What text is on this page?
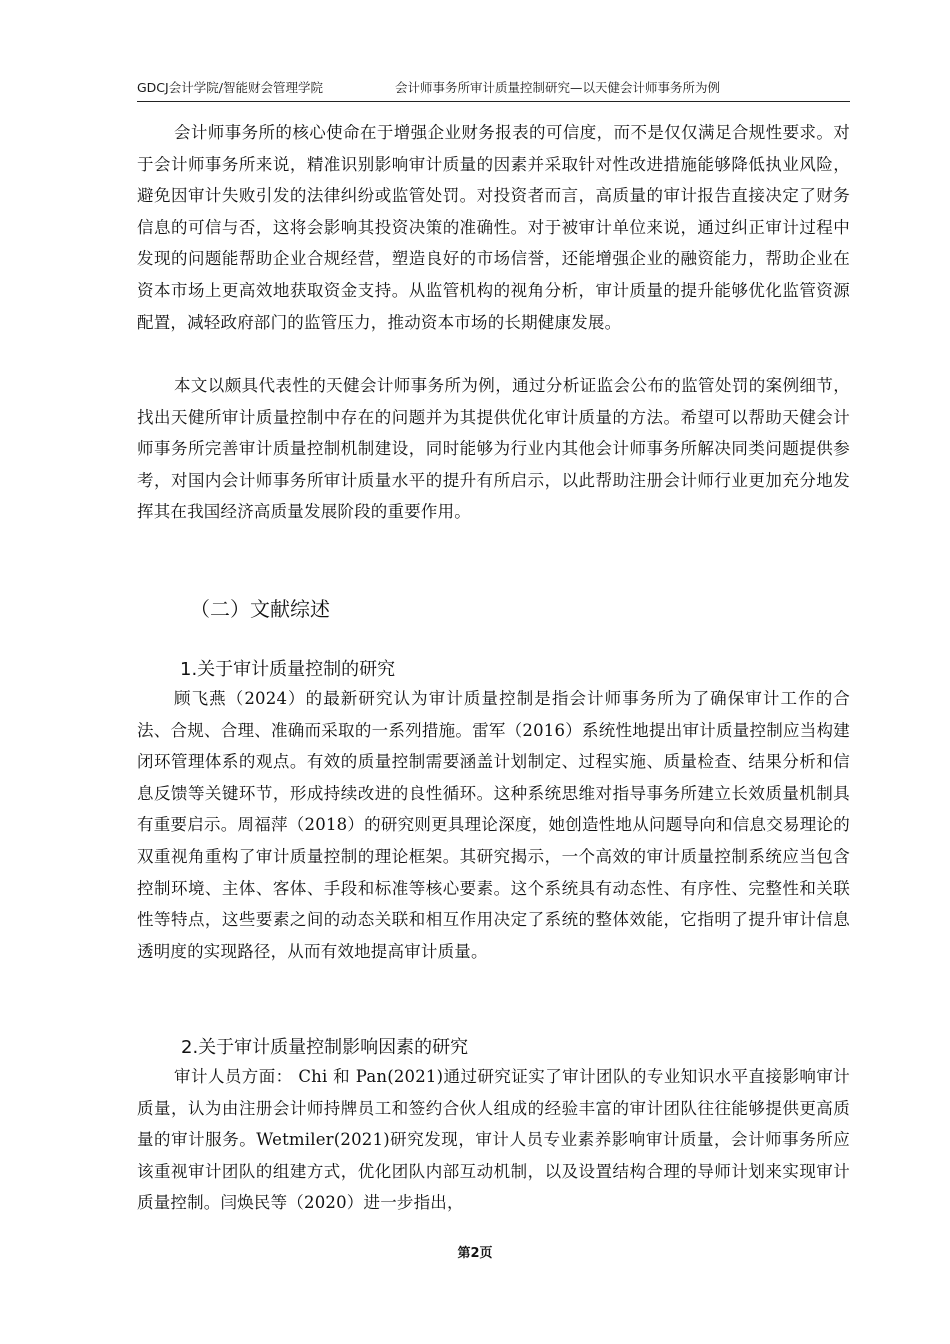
GDCJ会计学院/智能财会管理学院	会计师事务所审计质量控制研究—以天健会计师事务所为例

会计师事务所的核心使命在于增强企业财务报表的可信度，而不是仅仅满足合规性要求。对于会计师事务所来说，精准识别影响审计质量的因素并采取针对性改进措施能够降低执业风险，避免因审计失败引发的法律纠纷或监管处罚。对投资者而言，高质量的审计报告直接决定了财务信息的可信与否，这将会影响其投资决策的准确性。对于被审计单位来说，通过纠正审计过程中发现的问题能帮助企业合规经营，塑造良好的市场信誉，还能增强企业的融资能力，帮助企业在资本市场上更高效地获取资金支持。从监管机构的视角分析，审计质量的提升能够优化监管资源配置，减轻政府部门的监管压力，推动资本市场的长期健康发展。

本文以颇具代表性的天健会计师事务所为例，通过分析证监会公布的监管处罚的案例细节，找出天健所审计质量控制中存在的问题并为其提供优化审计质量的方法。希望可以帮助天健会计师事务所完善审计质量控制机制建设，同时能够为行业内其他会计师事务所解决同类问题提供参考，对国内会计师事务所审计质量水平的提升有所启示，以此帮助注册会计师行业更加充分地发挥其在我国经济高质量发展阶段的重要作用。

（二）文献综述
1.关于审计质量控制的研究

顾飞燕（2024）的最新研究认为审计质量控制是指会计师事务所为了确保审计工作的合法、合规、合理、准确而采取的一系列措施。雷军（2016）系统性地提出审计质量控制应当构建闭环管理体系的观点。有效的质量控制需要涵盖计划制定、过程实施、质量检查、结果分析和信息反馈等关键环节，形成持续改进的良性循环。这种系统思维对指导事务所建立长效质量机制具有重要启示。周福萍（2018）的研究则更具理论深度，她创造性地从问题导向和信息交易理论的双重视角重构了审计质量控制的理论框架。其研究揭示，一个高效的审计质量控制系统应当包含控制环境、主体、客体、手段和标准等核心要素。这个系统具有动态性、有序性、完整性和关联性等特点，这些要素之间的动态关联和相互作用决定了系统的整体效能，它指明了提升审计信息透明度的实现路径，从而有效地提高审计质量。

2.关于审计质量控制影响因素的研究

审计人员方面： Chi 和 Pan(2021)通过研究证实了审计团队的专业知识水平直接影响审计质量，认为由注册会计师持牌员工和签约合伙人组成的经验丰富的审计团队往往能够提供更高质量的审计服务。Wetmiler(2021)研究发现，审计人员专业素养影响审计质量，会计师事务所应该重视审计团队的组建方式，优化团队内部互动机制，以及设置结构合理的导师计划来实现审计质量控制。闫焕民等（2020）进一步指出，

第2页
